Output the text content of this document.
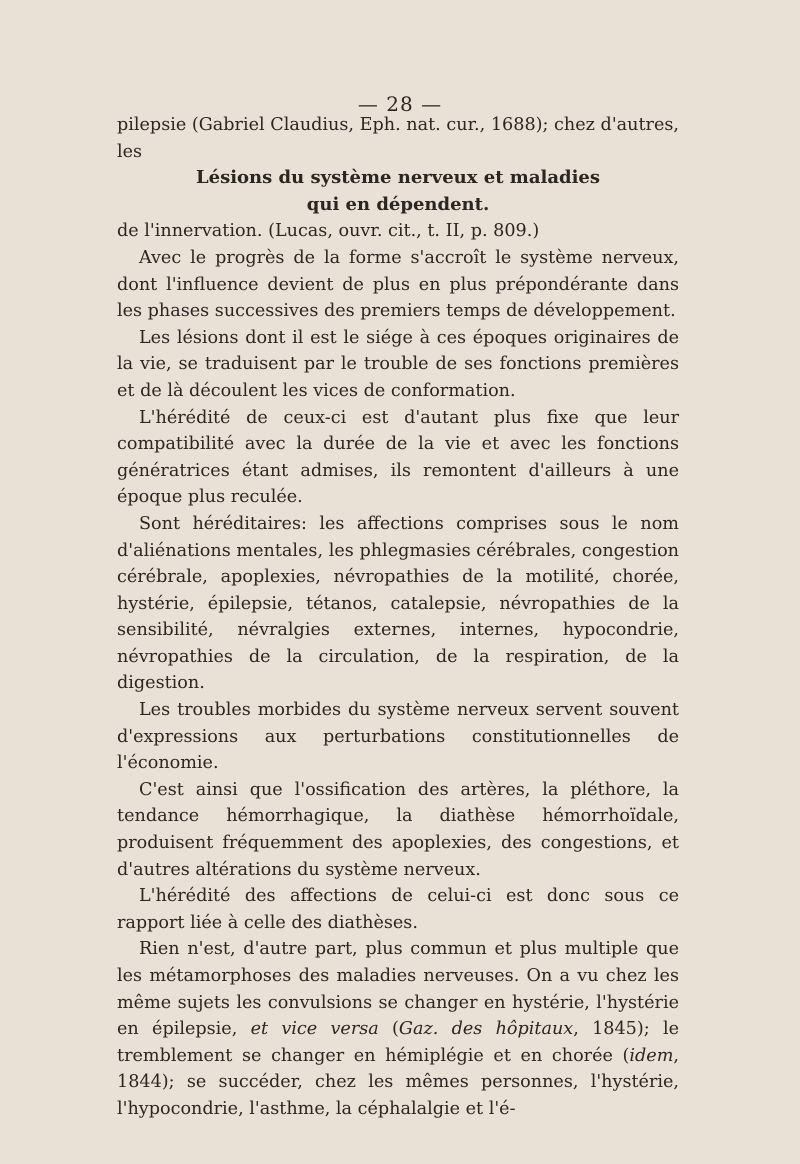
— 28 —

pilepsie (Gabriel Claudius, Eph. nat. cur., 1688); chez d'autres, les

Lésions du système nerveux et maladies

qui en dépendent.

de l'innervation. (Lucas, ouvr. cit., t. II, p. 809.)

Avec le progrès de la forme s'accroît le système nerveux, dont l'influence devient de plus en plus prépondérante dans les phases successives des premiers temps de développement.

Les lésions dont il est le siége à ces époques originaires de la vie, se traduisent par le trouble de ses fonctions premières et de là découlent les vices de conformation.

L'hérédité de ceux-ci est d'autant plus fixe que leur compatibilité avec la durée de la vie et avec les fonctions génératrices étant admises, ils remontent d'ailleurs à une époque plus reculée.

Sont héréditaires: les affections comprises sous le nom d'aliénations mentales, les phlegmasies cérébrales, congestion cérébrale, apoplexies, névropathies de la motilité, chorée, hystérie, épilepsie, tétanos, catalepsie, névropathies de la sensibilité, névralgies externes, internes, hypocondrie, névropathies de la circulation, de la respiration, de la digestion.

Les troubles morbides du système nerveux servent souvent d'expressions aux perturbations constitutionnelles de l'économie.

C'est ainsi que l'ossification des artères, la pléthore, la tendance hémorrhagique, la diathèse hémorrhoïdale, produisent fréquemment des apoplexies, des congestions, et d'autres altérations du système nerveux.

L'hérédité des affections de celui-ci est donc sous ce rapport liée à celle des diathèses.

Rien n'est, d'autre part, plus commun et plus multiple que les métamorphoses des maladies nerveuses. On a vu chez les même sujets les convulsions se changer en hystérie, l'hystérie en épilepsie, et vice versa (Gaz. des hôpitaux, 1845); le tremblement se changer en hémiplégie et en chorée (idem, 1844); se succéder, chez les mêmes personnes, l'hystérie, l'hypocondrie, l'asthme, la céphalalgie et l'é-
